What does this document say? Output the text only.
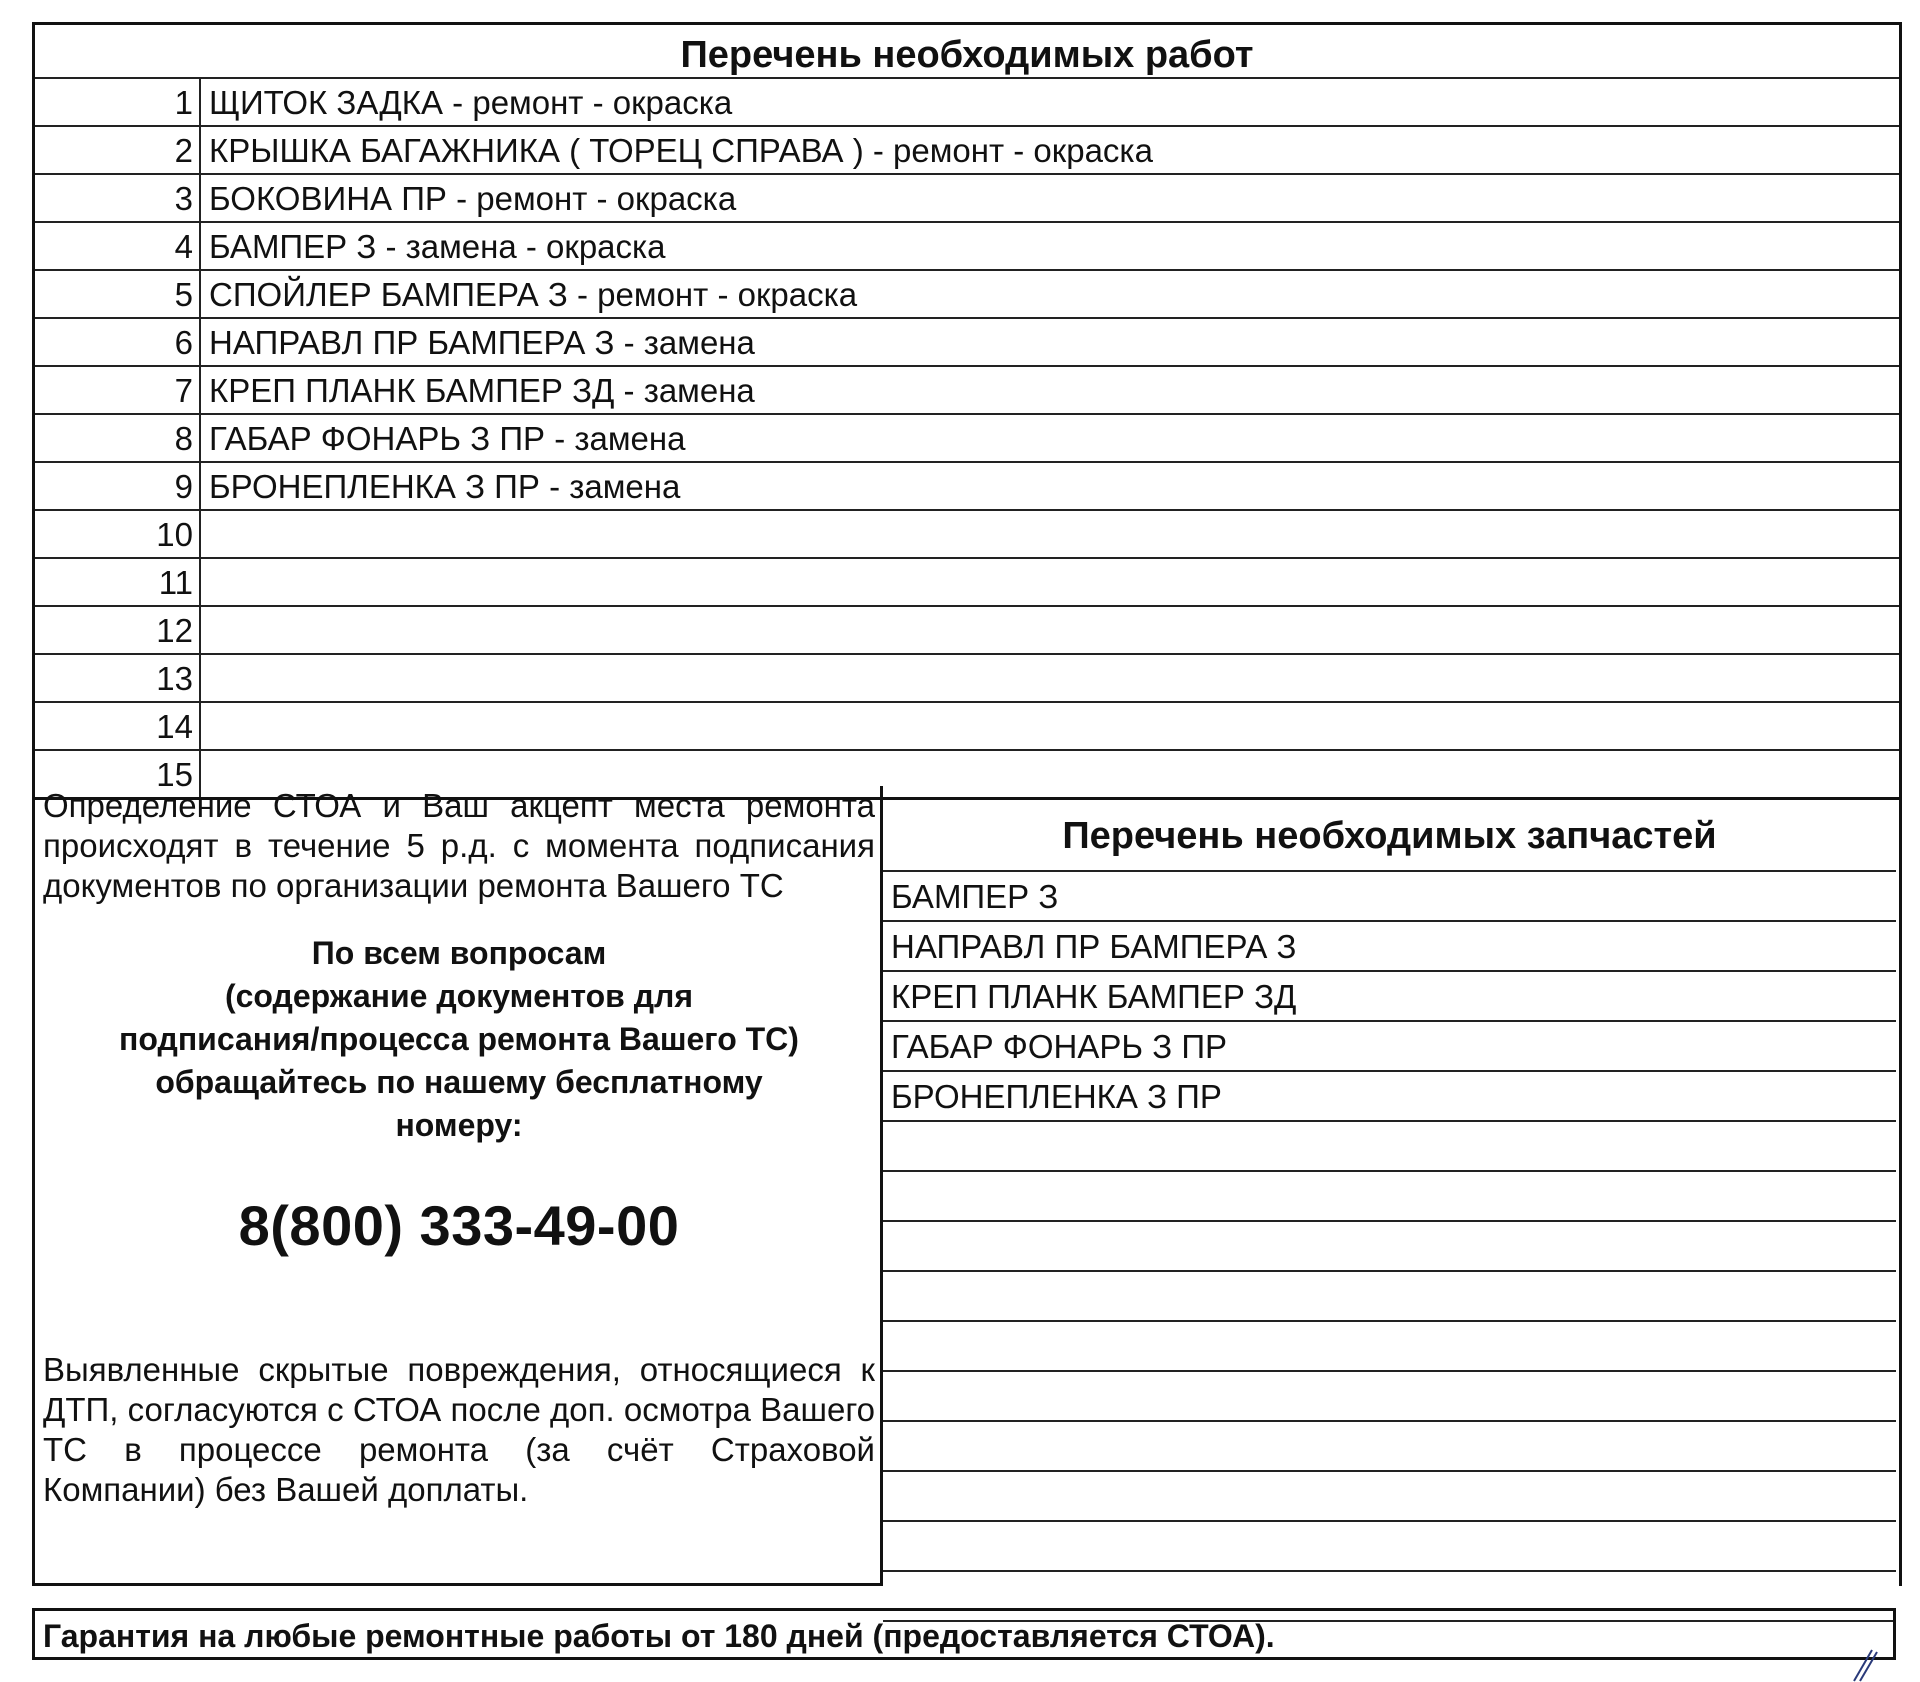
Перечень необходимых работ
1 ЩИТОК ЗАДКА - ремонт - окраска
2 КРЫШКА БАГАЖНИКА ( ТОРЕЦ СПРАВА ) - ремонт - окраска
3 БОКОВИНА ПР - ремонт - окраска
4 БАМПЕР З - замена - окраска
5 СПОЙЛЕР БАМПЕРА З - ремонт - окраска
6 НАПРАВЛ ПР БАМПЕРА З - замена
7 КРЕП ПЛАНК БАМПЕР ЗД - замена
8 ГАБАР ФОНАРЬ З ПР - замена
9 БРОНЕПЛЕНКА З ПР - замена
10
11
12
13
14
15

Определение СТОА и Ваш акцепт места ремонта происходят в течение 5 р.д. с момента подписания документов по организации ремонта Вашего ТС

По всем вопросам
(содержание документов для
подписания/процесса ремонта Вашего ТС)
обращайтесь по нашему бесплатному
номеру:
8(800) 333-49-00

Выявленные скрытые повреждения, относящиеся к ДТП, согласуются с СТОА после доп. осмотра Вашего ТС в процессе ремонта (за счёт Страховой Компании) без Вашей доплаты.

Перечень необходимых запчастей
БАМПЕР З
НАПРАВЛ ПР БАМПЕРА З
КРЕП ПЛАНК БАМПЕР ЗД
ГАБАР ФОНАРЬ З ПР
БРОНЕПЛЕНКА З ПР
Гарантия на любые ремонтные работы от 180 дней (предоставляется СТОА).
